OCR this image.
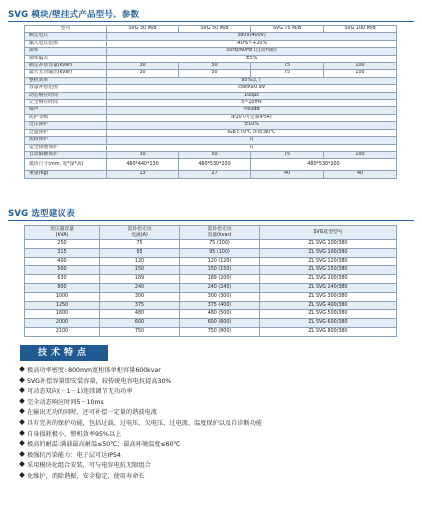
SVG 模块/壁挂式产品型号、参数
型号	SVG 30 M/B	SVG 50 M/B	SVG 75 M/B	SVG 100 M/B
额定电压	380V(400V)			
输入电压范围	-40%~+20%			
频率	50Hz/60Hz (自动判断)			
频率偏差	±5%			
额定补偿容量(kvar)	30	50	75	100
最大无功输出(kvar)	30	50	75	100
整机效率	95%以上			
容量补偿范围	cosΦ≥0.99			
动态响应时间	100μs			
完全响应时间	5~10ms			
噪声	<60dB			
防护等级	IP20 (可定制IP54)			
过压保护	±10%			
过温保护	IGBT:70℃ 环境:80℃			
短路保护	有			
安全接地保护	有			
自动限额保护	30	50	75	100
模块尺寸(mm, 宽*深*高)	480*440*130	480*530*200	480*530*200	
重量(Kg)	13	27	40	40
SVG 选型建议表
变压器容量
(kVA)	需补偿无功
电流(A)	需补偿无功
容量(kvar)	SVG选型型号
250	75	75 (100)	ZL SVG 100/380
315	95	95 (100)	ZL SVG 100/380
400	120	120 (120)	ZL SVG 120/380
500	150	150 (150)	ZL SVG 150/380
630	189	189 (200)	ZL SVG 200/380
800	240	240 (240)	ZL SVG 240/380
1000	300	300 (300)	ZL SVG 300/380
1250	375	375 (400)	ZL SVG 400/380
1600	480	480 (500)	ZL SVG 500/380
2000	600	600 (600)	ZL SVG 600/380
2100	750	750 (800)	ZL SVG 800/380
技术特点
极高功率密度: 800mm宽柜体单柜容量600kvar
SVG补偿容量即安装容量，较传统电容电抗提高30%
可动态双向(－1－1)连续调节无功功率
完全动态响应时间5－10ms
在输出无功的同时，还可补偿一定量的谐波电流
具有完善的保护功能，包括过载、过电压、欠电压、过电流、温度保护以及自诊断功能
自身损耗极小，整机效率95%以上
极高的耐温:满载最高耐温≤50℃；最高环境温度≤60℃
极强抗污染能力：电子层可达IP54
采用模块化组合安装，可与电容电抗无限组合
免维护，消除谐振，安全稳定，使用寿命长
